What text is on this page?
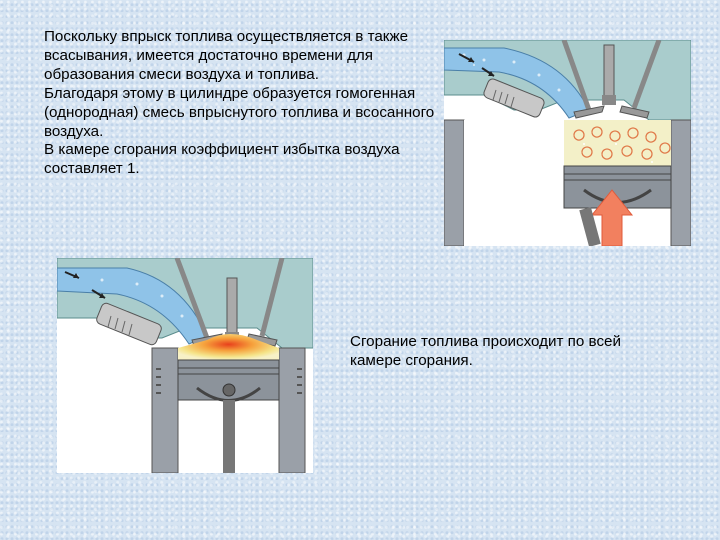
Поскольку впрыск топлива осуществляется в также всасывания, имеется достаточно времени для образования смеси воздуха и топлива.

Благодаря этому в цилиндре образуется гомогенная (однородная) смесь впрыснутого топлива и всосанного воздуха.

В камере сгорания коэффициент избытка воздуха составляет 1.

Сгорание топлива происходит по всей камере сгорания.
